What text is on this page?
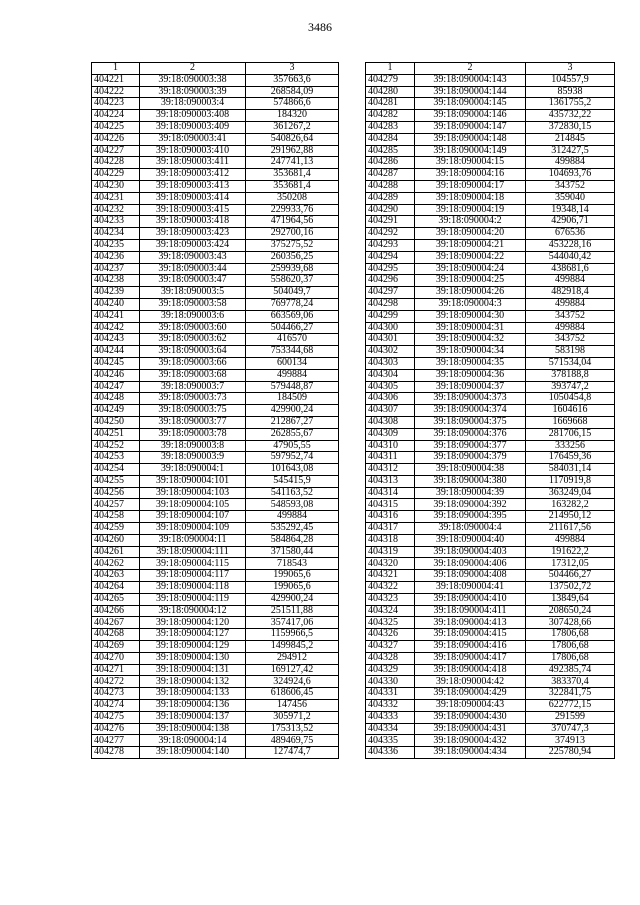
3486
1	2	3
404221	39:18:090003:38	357663,6
404222	39:18:090003:39	268584,09
404223	39:18:090003:4	574866,6
404224	39:18:090003:408	184320
404225	39:18:090003:409	361267,2
404226	39:18:090003:41	540826,64
404227	39:18:090003:410	291962,88
404228	39:18:090003:411	247741,13
404229	39:18:090003:412	353681,4
404230	39:18:090003:413	353681,4
404231	39:18:090003:414	350208
404232	39:18:090003:415	229933,76
404233	39:18:090003:418	471964,56
404234	39:18:090003:423	292700,16
404235	39:18:090003:424	375275,52
404236	39:18:090003:43	260356,25
404237	39:18:090003:44	259939,68
404238	39:18:090003:47	558620,37
404239	39:18:090003:5	504049,7
404240	39:18:090003:58	769778,24
404241	39:18:090003:6	663569,06
404242	39:18:090003:60	504466,27
404243	39:18:090003:62	416570
404244	39:18:090003:64	753344,68
404245	39:18:090003:66	600134
404246	39:18:090003:68	499884
404247	39:18:090003:7	579448,87
404248	39:18:090003:73	184509
404249	39:18:090003:75	429900,24
404250	39:18:090003:77	212867,27
404251	39:18:090003:78	262855,67
404252	39:18:090003:8	47905,55
404253	39:18:090003:9	597952,74
404254	39:18:090004:1	101643,08
404255	39:18:090004:101	545415,9
404256	39:18:090004:103	541163,52
404257	39:18:090004:105	548593,08
404258	39:18:090004:107	499884
404259	39:18:090004:109	535292,45
404260	39:18:090004:11	584864,28
404261	39:18:090004:111	371580,44
404262	39:18:090004:115	718543
404263	39:18:090004:117	199065,6
404264	39:18:090004:118	199065,6
404265	39:18:090004:119	429900,24
404266	39:18:090004:12	251511,88
404267	39:18:090004:120	357417,06
404268	39:18:090004:127	1159966,5
404269	39:18:090004:129	1499845,2
404270	39:18:090004:130	294912
404271	39:18:090004:131	169127,42
404272	39:18:090004:132	324924,6
404273	39:18:090004:133	618606,45
404274	39:18:090004:136	147456
404275	39:18:090004:137	305971,2
404276	39:18:090004:138	175313,52
404277	39:18:090004:14	489469,75
404278	39:18:090004:140	127474,7
1	2	3
404279	39:18:090004:143	104557,9
404280	39:18:090004:144	85938
404281	39:18:090004:145	1361755,2
404282	39:18:090004:146	435732,22
404283	39:18:090004:147	372830,15
404284	39:18:090004:148	214845
404285	39:18:090004:149	312427,5
404286	39:18:090004:15	499884
404287	39:18:090004:16	104693,76
404288	39:18:090004:17	343752
404289	39:18:090004:18	359040
404290	39:18:090004:19	19348,14
404291	39:18:090004:2	42906,71
404292	39:18:090004:20	676536
404293	39:18:090004:21	453228,16
404294	39:18:090004:22	544040,42
404295	39:18:090004:24	438681,6
404296	39:18:090004:25	499884
404297	39:18:090004:26	482918,4
404298	39:18:090004:3	499884
404299	39:18:090004:30	343752
404300	39:18:090004:31	499884
404301	39:18:090004:32	343752
404302	39:18:090004:34	583198
404303	39:18:090004:35	571534,04
404304	39:18:090004:36	378188,8
404305	39:18:090004:37	393747,2
404306	39:18:090004:373	1050454,8
404307	39:18:090004:374	1604616
404308	39:18:090004:375	1669668
404309	39:18:090004:376	281706,15
404310	39:18:090004:377	333256
404311	39:18:090004:379	176459,36
404312	39:18:090004:38	584031,14
404313	39:18:090004:380	1170919,8
404314	39:18:090004:39	363249,04
404315	39:18:090004:392	163282,2
404316	39:18:090004:395	214950,12
404317	39:18:090004:4	211617,56
404318	39:18:090004:40	499884
404319	39:18:090004:403	191622,2
404320	39:18:090004:406	17312,05
404321	39:18:090004:408	504466,27
404322	39:18:090004:41	137502,72
404323	39:18:090004:410	13849,64
404324	39:18:090004:411	208650,24
404325	39:18:090004:413	307428,66
404326	39:18:090004:415	17806,68
404327	39:18:090004:416	17806,68
404328	39:18:090004:417	17806,68
404329	39:18:090004:418	492385,74
404330	39:18:090004:42	383370,4
404331	39:18:090004:429	322841,75
404332	39:18:090004:43	622772,15
404333	39:18:090004:430	291599
404334	39:18:090004:431	370747,3
404335	39:18:090004:432	374913
404336	39:18:090004:434	225780,94
